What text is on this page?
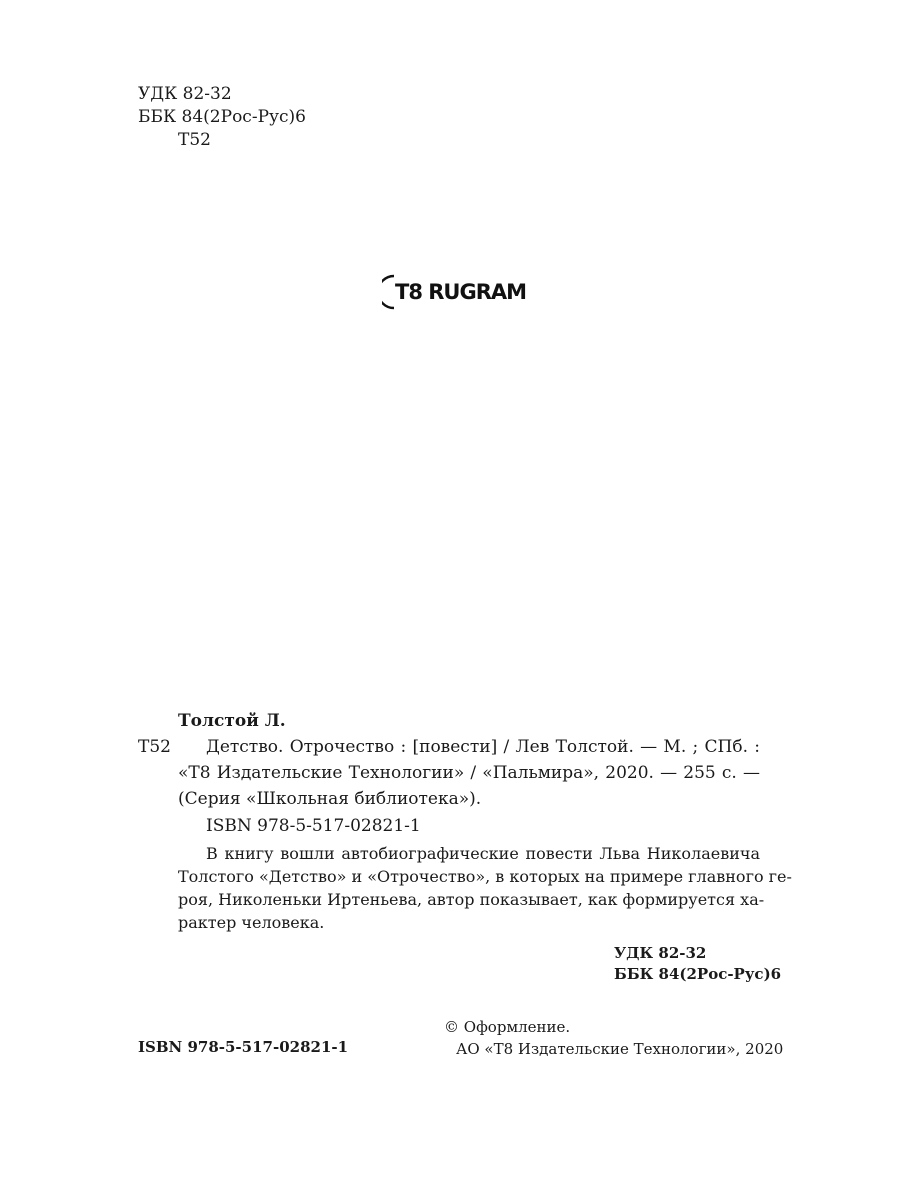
УДК 82-32
ББК 84(2Рос-Рус)6
Т52
T8 RUGRAM
Толстой Л.
Т52 Детство. Отрочество : [повести] / Лев Толстой. — М. ; СПб. :
«Т8 Издательские Технологии» / «Пальмира», 2020. — 255 с. —
(Серия «Школьная библиотека»).
ISBN 978-5-517-02821-1
В книгу вошли автобиографические повести Льва Николаевича
Толстого «Детство» и «Отрочество», в которых на примере главного ге-
роя, Николеньки Иртеньева, автор показывает, как формируется ха-
рактер человека.
УДК 82-32
ББК 84(2Рос-Рус)6
ISBN 978-5-517-02821-1
© Оформление.
АО «Т8 Издательские Технологии», 2020
